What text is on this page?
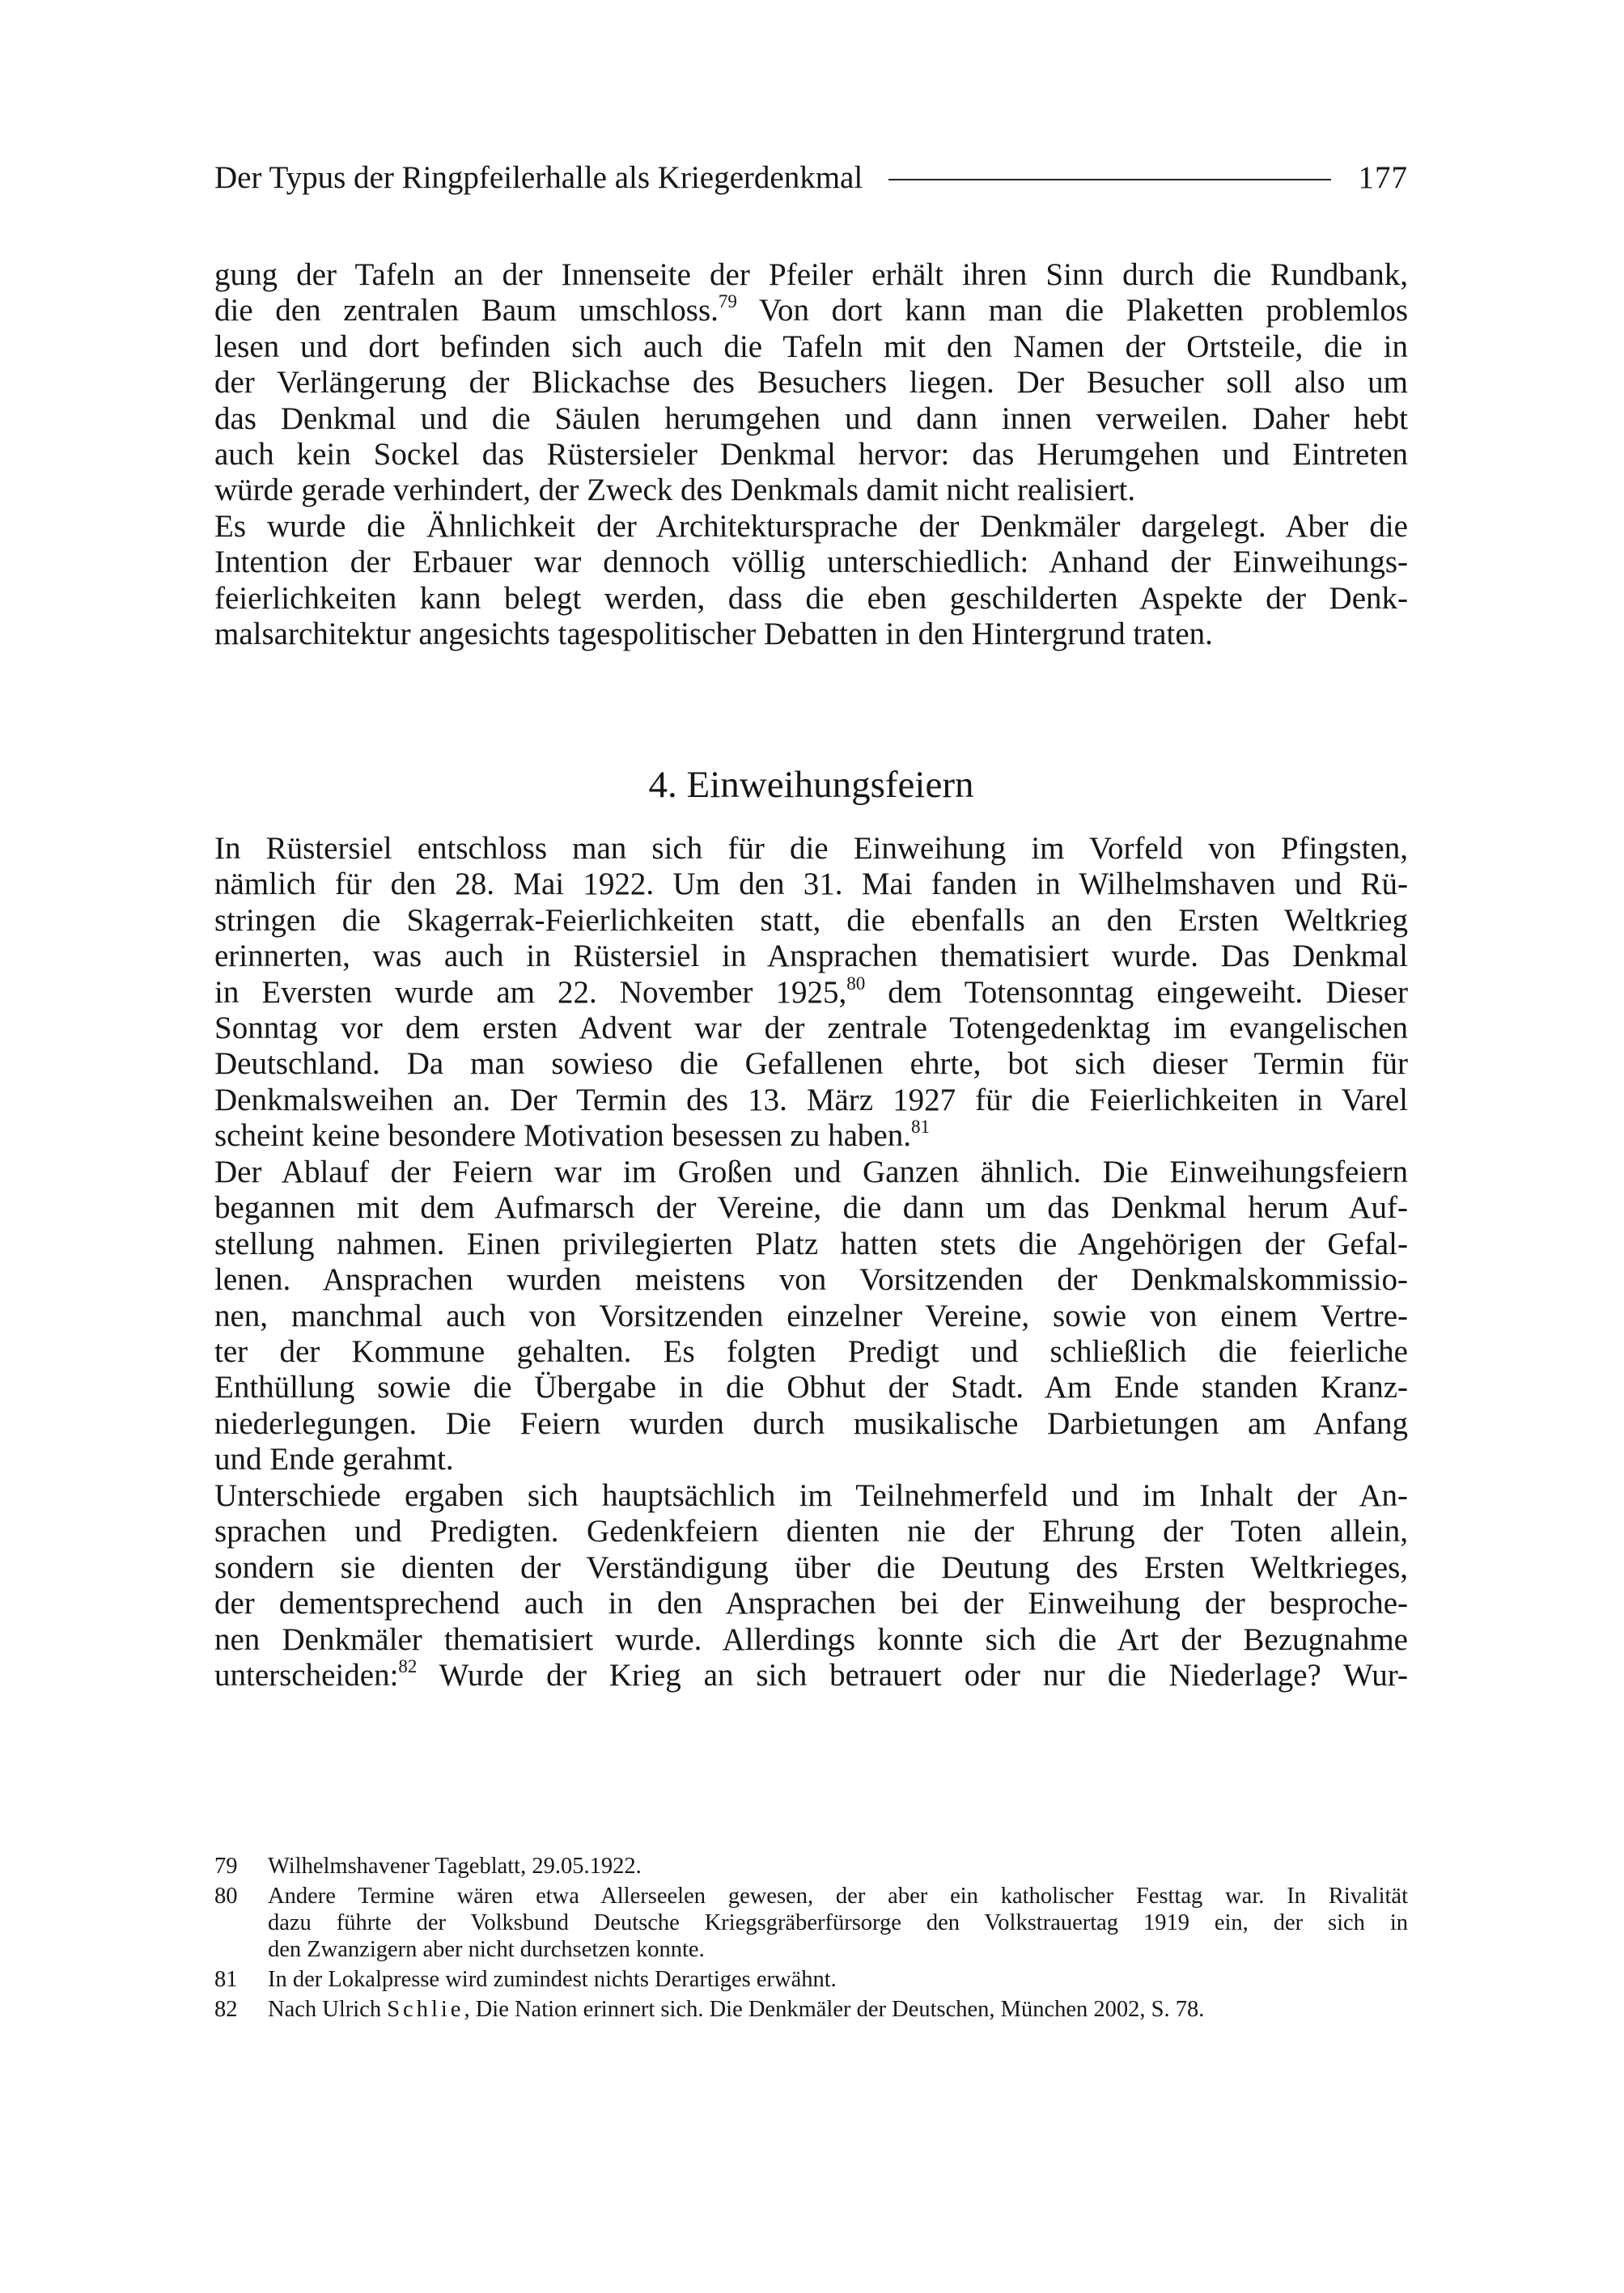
Der Typus der Ringpfeilerhalle als Kriegerdenkmal	177
gung der Tafeln an der Innenseite der Pfeiler erhält ihren Sinn durch die Rundbank,
die den zentralen Baum umschloss.$^{79}$ Von dort kann man die Plaketten problemlos
lesen und dort befinden sich auch die Tafeln mit den Namen der Ortsteile, die in
der Verlängerung der Blickachse des Besuchers liegen. Der Besucher soll also um
das Denkmal und die Säulen herumgehen und dann innen verweilen. Daher hebt
auch kein Sockel das Rüstersieler Denkmal hervor: das Herumgehen und Eintreten
würde gerade verhindert, der Zweck des Denkmals damit nicht realisiert.
Es wurde die Ähnlichkeit der Architektursprache der Denkmäler dargelegt. Aber die
Intention der Erbauer war dennoch völlig unterschiedlich: Anhand der Einweihungs-
feierlichkeiten kann belegt werden, dass die eben geschilderten Aspekte der Denk-
malsarchitektur angesichts tagespolitischer Debatten in den Hintergrund traten.
4. Einweihungsfeiern
In Rüstersiel entschloss man sich für die Einweihung im Vorfeld von Pfingsten,
nämlich für den 28. Mai 1922. Um den 31. Mai fanden in Wilhelmshaven und Rü-
stringen die Skagerrak-Feierlichkeiten statt, die ebenfalls an den Ersten Weltkrieg
erinnerten, was auch in Rüstersiel in Ansprachen thematisiert wurde. Das Denkmal
in Eversten wurde am 22. November 1925,80 dem Totensonntag eingeweiht. Dieser
Sonntag vor dem ersten Advent war der zentrale Totengedenktag im evangelischen
Deutschland. Da man sowieso die Gefallenen ehrte, bot sich dieser Termin für
Denkmalsweihen an. Der Termin des 13. März 1927 für die Feierlichkeiten in Varel
scheint keine besondere Motivation besessen zu haben.$^{81}$
Der Ablauf der Feiern war im Großen und Ganzen ähnlich. Die Einweihungsfeiern
begannen mit dem Aufmarsch der Vereine, die dann um das Denkmal herum Auf-
stellung nahmen. Einen privilegierten Platz hatten stets die Angehörigen der Gefal-
lenen. Ansprachen wurden meistens von Vorsitzenden der Denkmalskommissio-
nen, manchmal auch von Vorsitzenden einzelner Vereine, sowie von einem Vertre-
ter der Kommune gehalten. Es folgten Predigt und schließlich die feierliche
Enthüllung sowie die Übergabe in die Obhut der Stadt. Am Ende standen Kranz-
niederlegungen. Die Feiern wurden durch musikalische Darbietungen am Anfang
und Ende gerahmt.
Unterschiede ergaben sich hauptsächlich im Teilnehmerfeld und im Inhalt der An-
sprachen und Predigten. Gedenkfeiern dienten nie der Ehrung der Toten allein,
sondern sie dienten der Verständigung über die Deutung des Ersten Weltkrieges,
der dementsprechend auch in den Ansprachen bei der Einweihung der besproche-
nen Denkmäler thematisiert wurde. Allerdings konnte sich die Art der Bezugnahme
unterscheiden:$^{82}$ Wurde der Krieg an sich betrauert oder nur die Niederlage? Wur-
79	Wilhelmshavener Tageblatt, 29.05.1922.
80	Andere Termine wären etwa Allerseelen gewesen, der aber ein katholischer Festtag war. In Rivalität
dazu führte der Volksbund Deutsche Kriegsgräberfürsorge den Volkstrauertag 1919 ein, der sich in
den Zwanzigern aber nicht durchsetzen konnte.
81	In der Lokalpresse wird zumindest nichts Derartiges erwähnt.
82	Nach Ulrich Schlie, Die Nation erinnert sich. Die Denkmäler der Deutschen, München 2002, S. 78.
